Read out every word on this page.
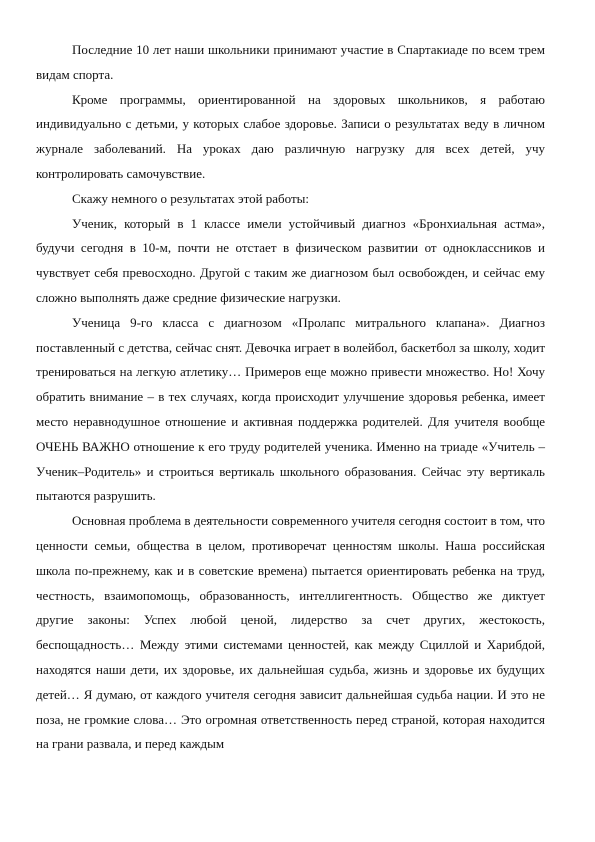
Последние 10 лет наши школьники принимают участие в Спартакиаде по всем трем видам спорта.

Кроме программы, ориентированной на здоровых школьников, я работаю индивидуально с детьми, у которых слабое здоровье. Записи о результатах веду в личном журнале заболеваний. На уроках даю различную нагрузку для всех детей, учу контролировать самочувствие.

Скажу немного о результатах этой работы:

Ученик, который в 1 классе имели устойчивый диагноз «Бронхиальная астма», будучи сегодня в 10-м, почти не отстает в физическом развитии от одноклассников и чувствует себя превосходно. Другой с таким же диагнозом был освобожден, и сейчас ему сложно выполнять даже средние физические нагрузки.

Ученица 9-го класса с диагнозом «Пролапс митрального клапана». Диагноз поставленный с детства, сейчас снят. Девочка играет в волейбол, баскетбол за школу, ходит тренироваться на легкую атлетику… Примеров еще можно привести множество. Но! Хочу обратить внимание – в тех случаях, когда происходит улучшение здоровья ребенка, имеет место неравнодушное отношение и активная поддержка родителей. Для учителя вообще ОЧЕНЬ ВАЖНО отношение к его труду родителей ученика. Именно на триаде «Учитель –Ученик–Родитель» и строиться вертикаль школьного образования. Сейчас эту вертикаль пытаются разрушить.

Основная проблема в деятельности современного учителя сегодня состоит в том, что ценности семьи, общества в целом, противоречат ценностям школы. Наша российская школа по-прежнему, как и в советские времена) пытается ориентировать ребенка на труд, честность, взаимопомощь, образованность, интеллигентность. Общество же диктует другие законы: Успех любой ценой, лидерство за счет других, жестокость, беспощадность… Между этими системами ценностей, как между Сциллой и Харибдой, находятся наши дети, их здоровье, их дальнейшая судьба, жизнь и здоровье их будущих детей… Я думаю, от каждого учителя сегодня зависит дальнейшая судьба нации. И это не поза, не громкие слова… Это огромная ответственность перед страной, которая находится на грани развала, и перед каждым
